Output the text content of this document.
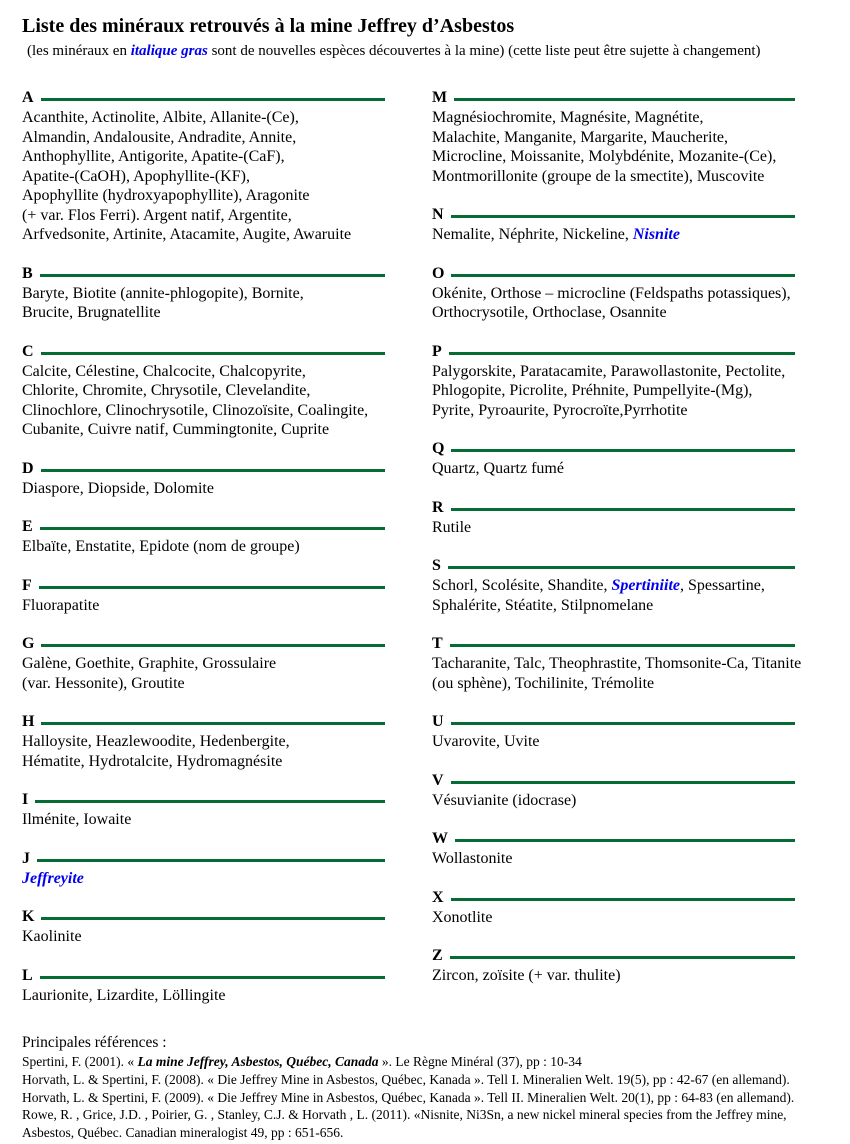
Liste des minéraux retrouvés à la mine Jeffrey d’Asbestos

(les minéraux en italique gras sont de nouvelles espèces découvertes à la mine) (cette liste peut être sujette à changement)

A
Acanthite, Actinolite, Albite, Allanite-(Ce),
Almandin, Andalousite, Andradite, Annite,
Anthophyllite, Antigorite, Apatite-(CaF),
Apatite-(CaOH), Apophyllite-(KF),
Apophyllite (hydroxyapophyllite), Aragonite
(+ var. Flos Ferri). Argent natif, Argentite,
Arfvedsonite, Artinite, Atacamite, Augite, Awaruite
B
Baryte, Biotite (annite-phlogopite), Bornite,
Brucite, Brugnatellite
C
Calcite, Célestine, Chalcocite, Chalcopyrite,
Chlorite, Chromite, Chrysotile, Clevelandite,
Clinochlore, Clinochrysotile, Clinozoïsite, Coalingite,
Cubanite, Cuivre natif, Cummingtonite, Cuprite
D
Diaspore, Diopside, Dolomite
E
Elbaïte, Enstatite, Epidote (nom de groupe)
F
Fluorapatite
G
Galène, Goethite, Graphite, Grossulaire
(var. Hessonite), Groutite
H
Halloysite, Heazlewoodite, Hedenbergite,
Hématite, Hydrotalcite, Hydromagnésite
I
Ilménite, Iowaite
J
Jeffreyite
K
Kaolinite
L
Laurionite, Lizardite, Löllingite
M
Magnésiochromite, Magnésite, Magnétite,
Malachite, Manganite, Margarite, Maucherite,
Microcline, Moissanite, Molybdénite, Mozanite-(Ce),
Montmorillonite (groupe de la smectite), Muscovite
N
Nemalite, Néphrite, Nickeline, Nisnite
O
Okénite, Orthose – microcline (Feldspaths potassiques),
Orthocrysotile, Orthoclase, Osannite
P
Palygorskite, Paratacamite, Parawollastonite, Pectolite,
Phlogopite, Picrolite, Préhnite, Pumpellyite-(Mg),
Pyrite, Pyroaurite, Pyrocroïte,Pyrrhotite
Q
Quartz, Quartz fumé
R
Rutile
S
Schorl, Scolésite, Shandite, Spertiniite, Spessartine,
Sphalérite, Stéatite, Stilpnomelane
T
Tacharanite, Talc, Theophrastite, Thomsonite-Ca, Titanite
(ou sphène), Tochilinite, Trémolite
U
Uvarovite, Uvite
V
Vésuvianite (idocrase)
W
Wollastonite
X
Xonotlite
Z
Zircon, zoïsite (+ var. thulite)

Principales références :

Spertini, F. (2001). « La mine Jeffrey, Asbestos, Québec, Canada ». Le Règne Minéral (37), pp : 10-34
Horvath, L. & Spertini, F. (2008). « Die Jeffrey Mine in Asbestos, Québec, Kanada ». Tell I. Mineralien Welt. 19(5), pp : 42-67 (en allemand).
Horvath, L. & Spertini, F. (2009). « Die Jeffrey Mine in Asbestos, Québec, Kanada ». Tell II. Mineralien Welt. 20(1), pp : 64-83 (en allemand).
Rowe, R. , Grice, J.D. , Poirier, G. , Stanley, C.J. & Horvath , L. (2011). «Nisnite, Ni3Sn, a new nickel mineral species from the Jeffrey mine,
Asbestos, Québec. Canadian mineralogist 49, pp : 651-656.
